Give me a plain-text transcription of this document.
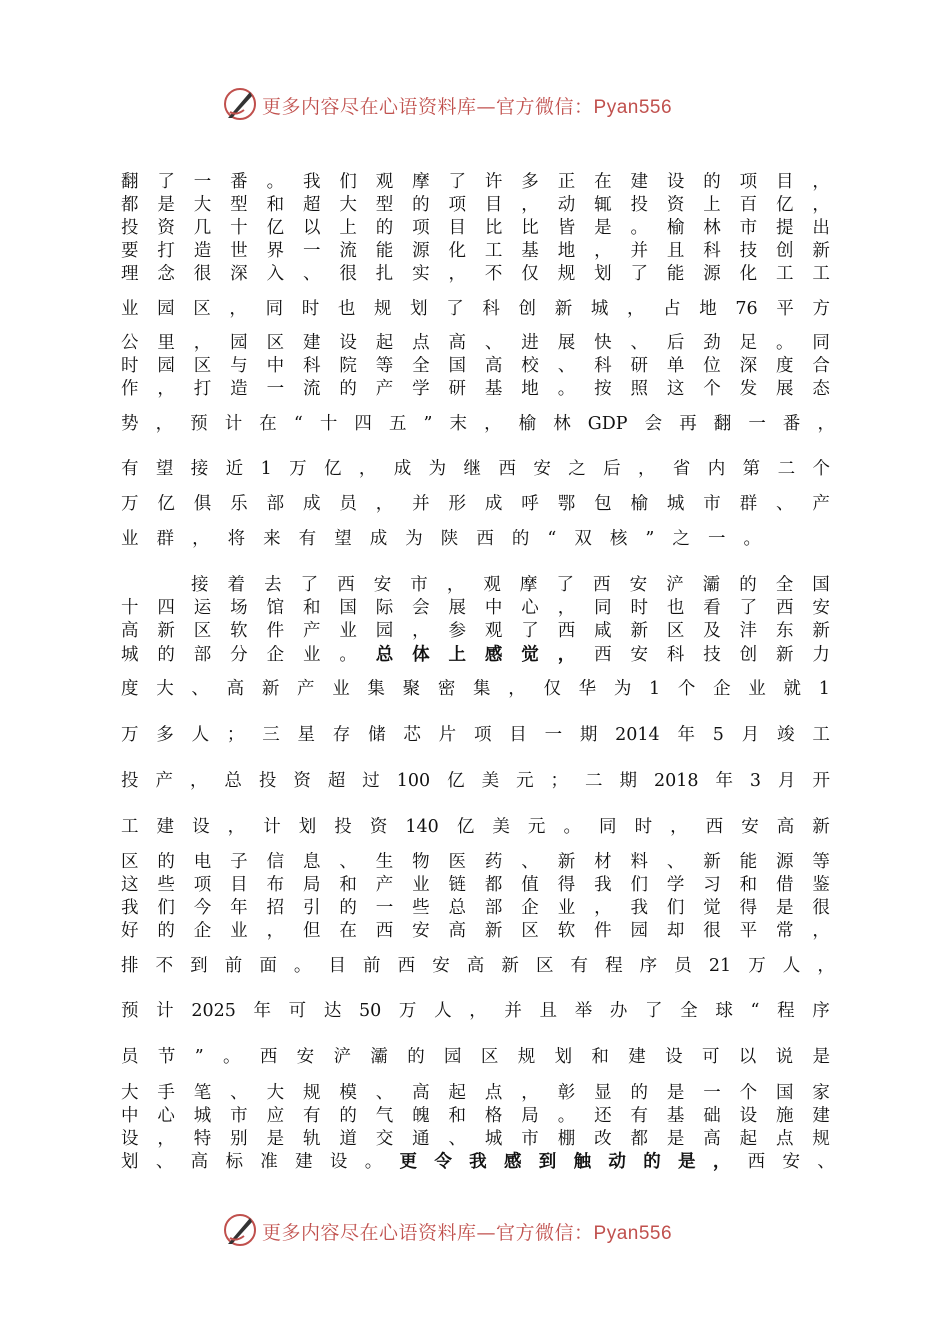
更多内容尽在心语资料库—官方微信：Pyan556
翻 了 一 番 。 我 们 观 摩 了 许 多 正 在 建 设 的 项 目 ，
都 是 大 型 和 超 大 型 的 项 目 ， 动 辄 投 资 上 百 亿 ，
投 资 几 十 亿 以 上 的 项 目 比 比 皆 是 。 榆 林 市 提 出
要 打 造 世 界 一 流 能 源 化 工 基 地 ， 并 且 科 技 创 新
理 念 很 深 入 、 很 扎 实 ， 不 仅 规 划 了 能 源 化 工 工
业 园 区 ， 同 时 也 规 划 了 科 创 新 城 ， 占 地 76 平 方
公 里 ， 园 区 建 设 起 点 高 、 进 展 快 、 后 劲 足 。 同
时 园 区 与 中 科 院 等 全 国 高 校 、 科 研 单 位 深 度 合
作 ， 打 造 一 流 的 产 学 研 基 地 。 按 照 这 个 发 展 态
势 ， 预 计 在 “ 十 四 五 ” 末 ， 榆 林 GDP 会 再 翻 一 番 ，
有 望 接 近 1 万 亿 ， 成 为 继 西 安 之 后 ， 省 内 第 二 个
万 亿 俱 乐 部 成 员 ， 并 形 成 呼 鄂 包 榆 城 市 群 、 产
业 群 ， 将 来 有 望 成 为 陕 西 的 “ 双 核 ” 之 一 。
接 着 去 了 西 安 市 ， 观 摩 了 西 安 浐 灞 的 全 国
十 四 运 场 馆 和 国 际 会 展 中 心 ， 同 时 也 看 了 西 安
高 新 区 软 件 产 业 园 ， 参 观 了 西 咸 新 区 及 沣 东 新
城 的 部 分 企 业 。 总 体 上 感 觉 ， 西 安 科 技 创 新 力
度 大 、 高 新 产 业 集 聚 密 集 ， 仅 华 为 1 个 企 业 就 1
万 多 人 ； 三 星 存 储 芯 片 项 目 一 期 2014 年 5 月 竣 工
投 产 ， 总 投 资 超 过 100 亿 美 元 ； 二 期 2018 年 3 月 开
工 建 设 ， 计 划 投 资 140 亿 美 元 。 同 时 ， 西 安 高 新
区 的 电 子 信 息 、 生 物 医 药 、 新 材 料 、 新 能 源 等
这 些 项 目 布 局 和 产 业 链 都 值 得 我 们 学 习 和 借 鉴
我 们 今 年 招 引 的 一 些 总 部 企 业 ， 我 们 觉 得 是 很
好 的 企 业 ， 但 在 西 安 高 新 区 软 件 园 却 很 平 常 ，
排 不 到 前 面 。 目 前 西 安 高 新 区 有 程 序 员 21 万 人 ，
预 计 2025 年 可 达 50 万 人 ， 并 且 举 办 了 全 球 “ 程 序
员 节 ” 。 西 安 浐 灞 的 园 区 规 划 和 建 设 可 以 说 是
大 手 笔 、 大 规 模 、 高 起 点 ， 彰 显 的 是 一 个 国 家
中 心 城 市 应 有 的 气 魄 和 格 局 。 还 有 基 础 设 施 建
设 ， 特 别 是 轨 道 交 通 、 城 市 棚 改 都 是 高 起 点 规
划 、 高 标 准 建 设 。 更 令 我 感 到 触 动 的 是 ， 西 安 、
更多内容尽在心语资料库—官方微信：Pyan556
